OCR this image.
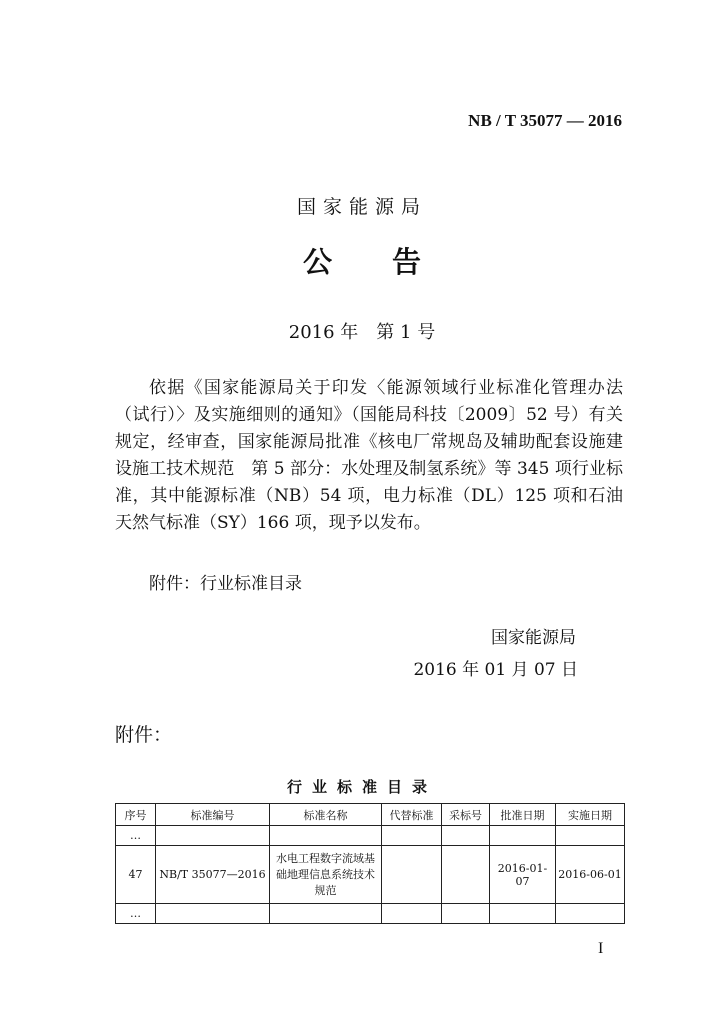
NB / T 35077 — 2016
国家能源局
公 告
2016 年　第 1 号
依据《国家能源局关于印发〈能源领域行业标准化管理办法（试行）〉及实施细则的通知》（国能局科技〔2009〕52 号）有关规定，经审查，国家能源局批准《核电厂常规岛及辅助配套设施建设施工技术规范　第 5 部分：水处理及制氢系统》等 345 项行业标准，其中能源标准（NB）54 项，电力标准（DL）125 项和石油天然气标准（SY）166 项，现予以发布。
附件：行业标准目录
国家能源局
2016 年 01 月 07 日
附件：
行业标准目录
序号	标准编号	标准名称	代替标准	采标号	批准日期	实施日期
…						
47	NB/T 35077—2016	水电工程数字流域基础地理信息系统技术规范			2016-01-07	2016-06-01
…						
I
